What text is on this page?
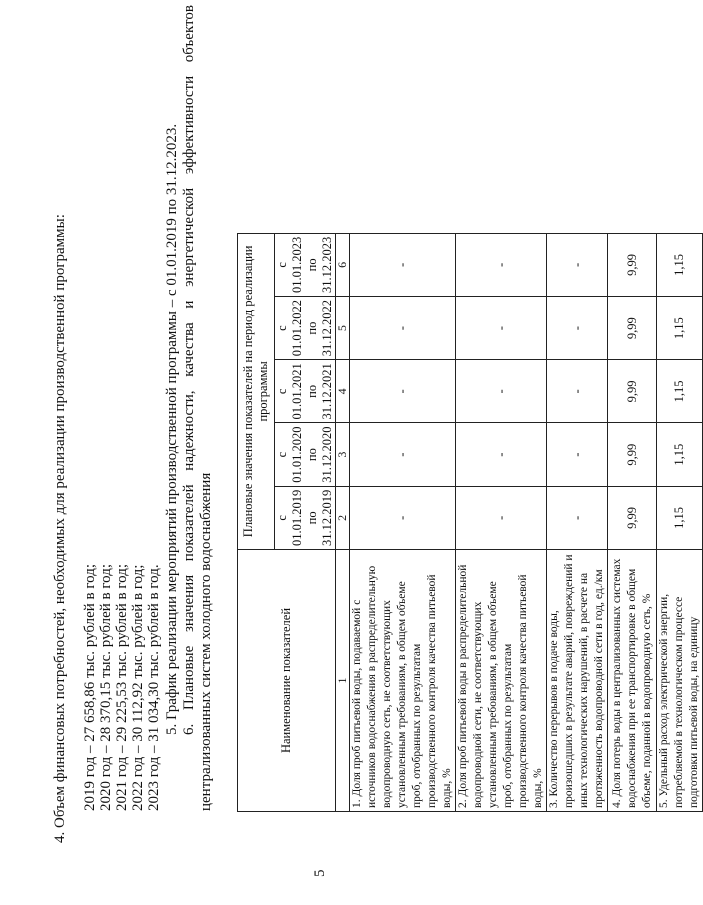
5
4. Объем финансовых потребностей, необходимых для реализации производственной программы: 2019 год – 27 658,86 тыс. рублей в год; 2020 год – 28 370,15 тыс. рублей в год; 2021 год – 29 225,53 тыс. рублей в год; 2022 год – 30 112,92 тыс. рублей в год; 2023 год – 31 034,30 тыс. рублей в год. 5. График реализации мероприятий производственной программы – с 01.01.2019 по 31.12.2023. 6. Плановые значения показателей надежности, качества и энергетической эффективности объектов централизованных систем холодного водоснабжения	Наименование показателей	Плановые значения показателей на период реализации программы				
	с 01.01.2019 по 31.12.2019	с 01.01.2020 по 31.12.2020	с 01.01.2021 по 31.12.2021	с 01.01.2022 по 31.12.2022	с 01.01.2023 по 31.12.2023
1	2	3	4	5	6
1. Доля проб питьевой воды, подаваемой с источников водоснабжения в распределительную водопроводную сеть, не соответствующих установленным требованиям, в общем объеме проб, отобранных по результатам производственного контроля качества питьевой воды, %	-	-	-	-	-
2. Доля проб питьевой воды в распределительной водопроводной сети, не соответствующих установленным требованиям, в общем объеме проб, отобранных по результатам производственного контроля качества питьевой воды, %	-	-	-	-	-
3. Количество перерывов в подаче воды, произошедших в результате аварий, повреждений и иных технологических нарушений, в расчете на протяженность водопроводной сети в год, ед./км	-	-	-	-	-
4. Доля потерь воды в централизованных системах водоснабжения при ее транспортировке в общем объеме, поданной в водопроводную сеть, %	9,99	9,99	9,99	9,99	9,99
5. Удельный расход электрической энергии, потребляемой в технологическом процессе подготовки питьевой воды, на единицу	1,15	1,15	1,15	1,15	1,15
